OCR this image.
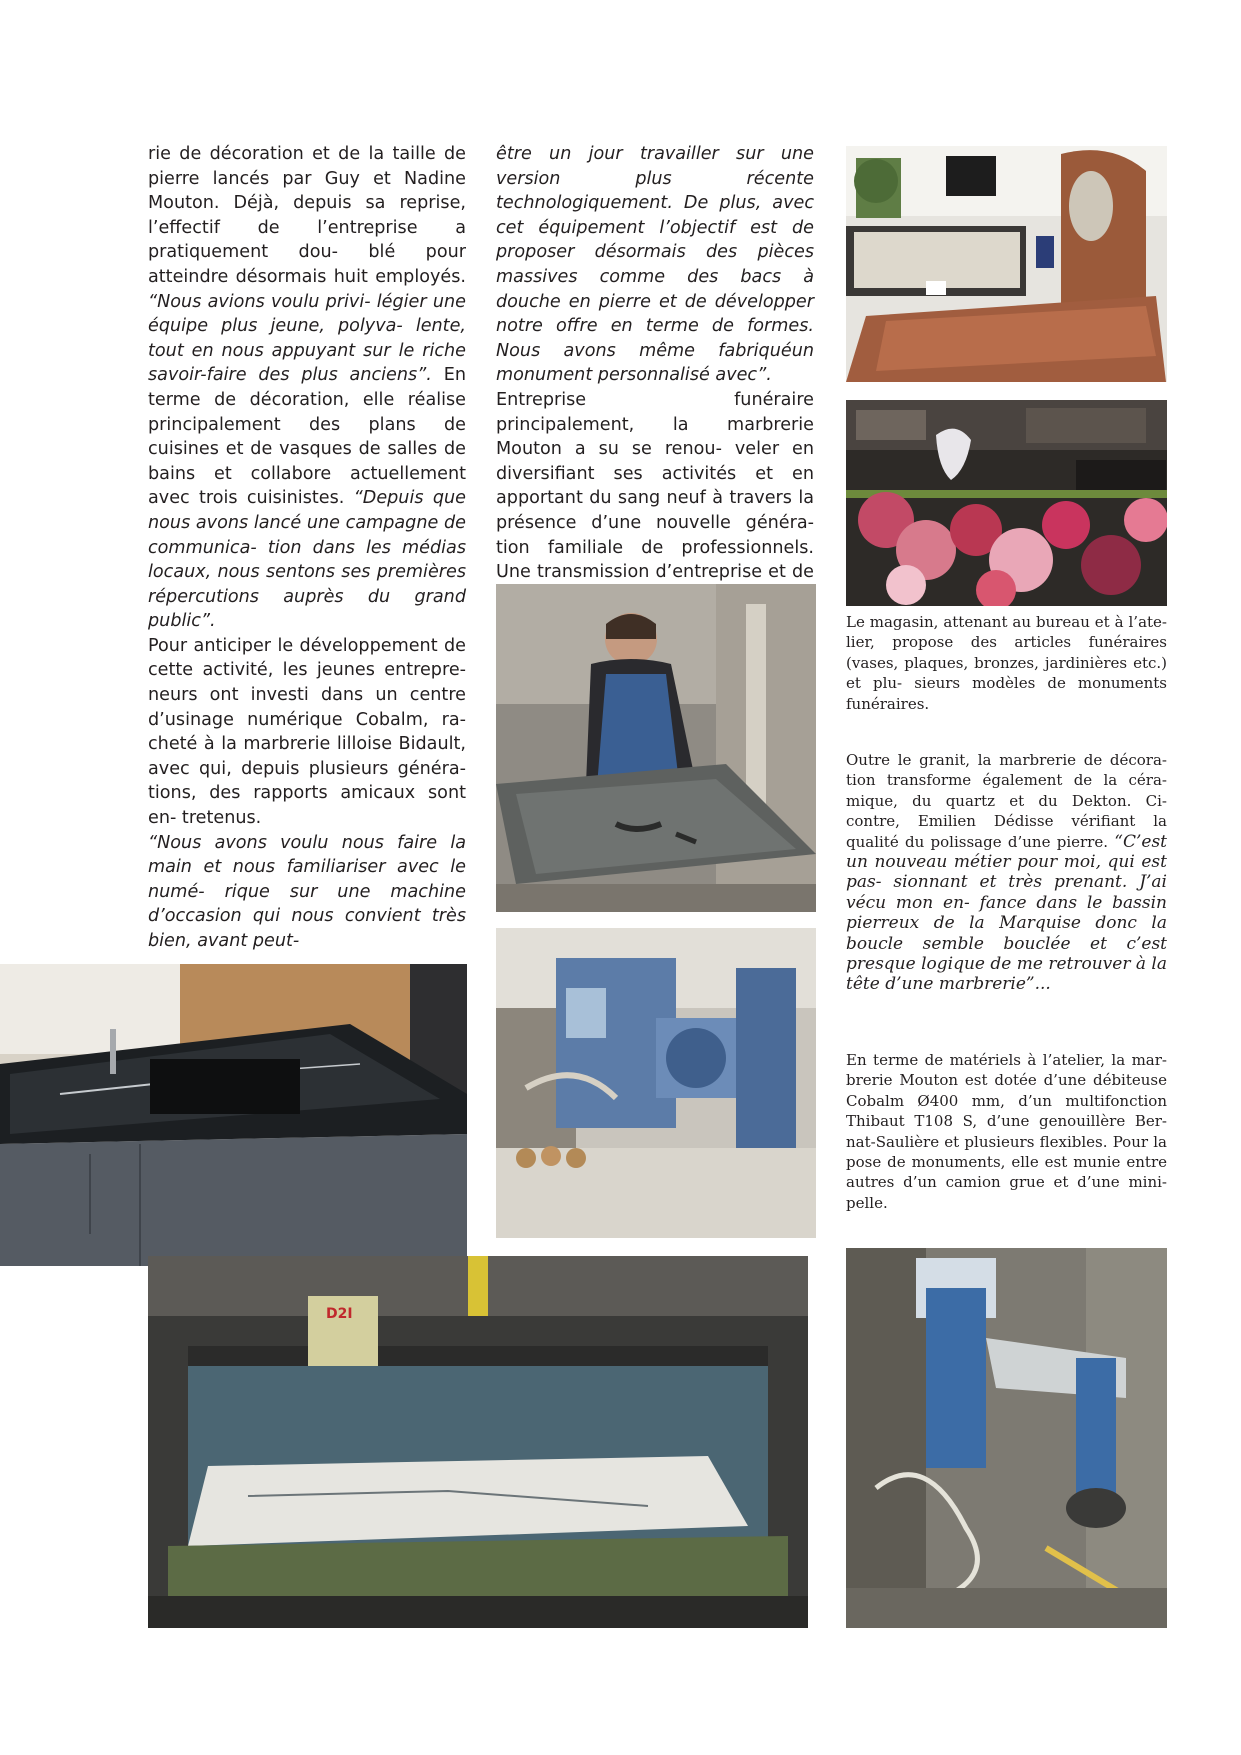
rie de décoration et de la taille de pierre lancés par Guy et Nadine Mouton. Déjà, depuis sa reprise, l’effectif de l’entreprise a pratiquement dou- blé pour atteindre désormais huit employés. “Nous avions voulu privi- légier une équipe plus jeune, polyva- lente, tout en nous appuyant sur le riche savoir-faire des plus anciens”. En terme de décoration, elle réalise principalement des plans de cuisines et de vasques de salles de bains et collabore actuellement avec trois cuisinistes. “Depuis que nous avons lancé une campagne de communica- tion dans les médias locaux, nous sentons ses premières répercutions auprès du grand public”.

Pour anticiper le développement de cette activité, les jeunes entrepre- neurs ont investi dans un centre d’usinage numérique Cobalm, ra- cheté à la marbrerie lilloise Bidault, avec qui, depuis plusieurs généra- tions, des rapports amicaux sont en- tretenus.

“Nous avons voulu nous faire la main et nous familiariser avec le numé- rique sur une machine d’occasion qui nous convient très bien, avant peut-

être un jour travailler sur une version plus récente technologiquement. De plus, avec cet équipement l’objectif est de proposer désormais des pièces massives comme des bacs à douche en pierre et de développer notre offre en terme de formes. Nous avons même fabriquéun monument personnalisé avec”.

Entreprise funéraire principalement, la marbrerie Mouton a su se renou- veler en diversifiant ses activités et en apportant du sang neuf à travers la présence d’une nouvelle généra- tion familiale de professionnels. Une transmission d’entreprise et de

Le magasin, attenant au bureau et à l’ate- lier, propose des articles funéraires (vases, plaques, bronzes, jardinières etc.) et plu- sieurs modèles de monuments funéraires.

Outre le granit, la marbrerie de décora- tion transforme également de la céra- mique, du quartz et du Dekton. Ci- contre, Emilien Dédisse vérifiant la qualité du polissage d’une pierre. “C’est un nouveau métier pour moi, qui est pas- sionnant et très prenant. J’ai vécu mon en- fance dans le bassin pierreux de la Marquise donc la boucle semble bouclée et c’est presque logique de me retrouver à la tête d’une marbrerie”...

En terme de matériels à l’atelier, la mar- brerie Mouton est dotée d’une débiteuse Cobalm Ø400 mm, d’un multifonction Thibaut T108 S, d’une genouillère Ber- nat-Saulière et plusieurs flexibles. Pour la pose de monuments, elle est munie entre autres d’un camion grue et d’une mini- pelle.

D2I
